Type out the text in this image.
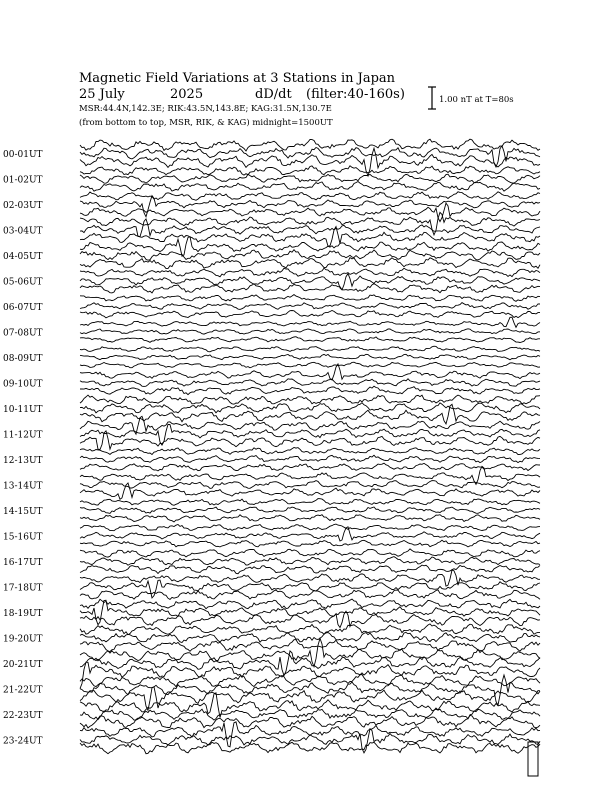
Magnetic Field Variations at 3 Stations in Japan
25 July	2025	dD/dt (filter:40-160s)
MSR:44.4N,142.3E; RIK:43.5N,143.8E; KAG:31.5N,130.7E
(from bottom to top, MSR, RIK, & KAG) midnight=1500UT
1.00 nT at T=80s
00-01UT
01-02UT
02-03UT
03-04UT
04-05UT
05-06UT
06-07UT
07-08UT
08-09UT
09-10UT
10-11UT
11-12UT
12-13UT
13-14UT
14-15UT
15-16UT
16-17UT
17-18UT
18-19UT
19-20UT
20-21UT
21-22UT
22-23UT
23-24UT
